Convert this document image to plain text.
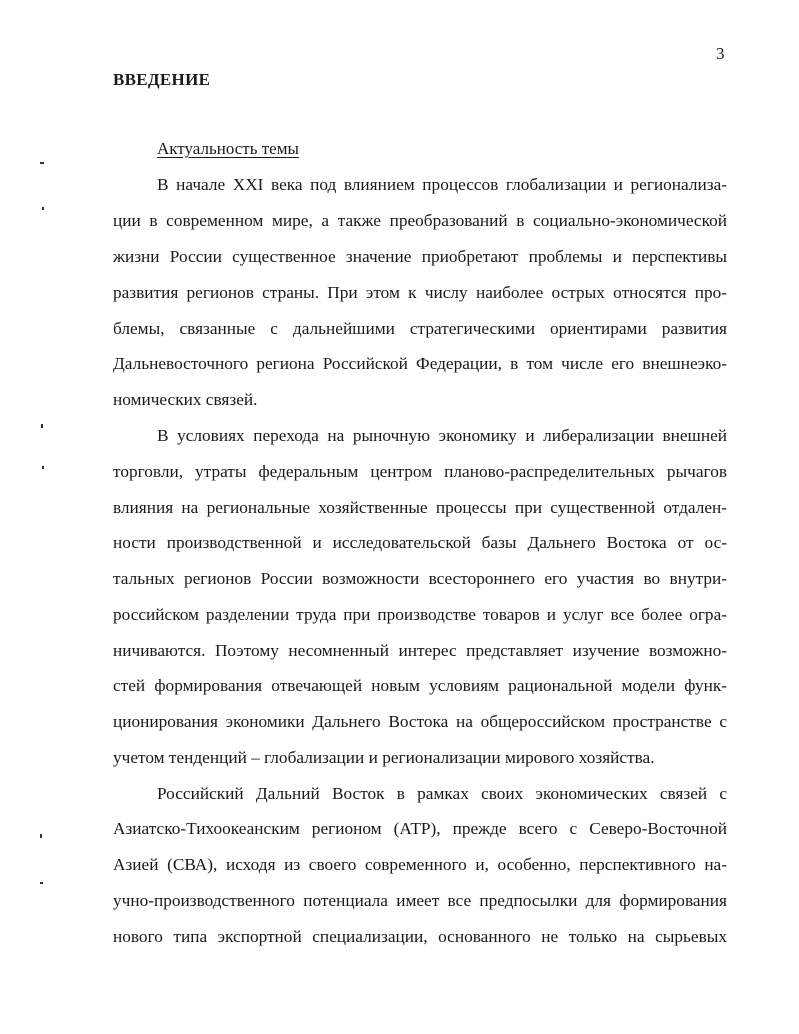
3
ВВЕДЕНИЕ
Актуальность темы
В начале XXI века под влиянием процессов глобализации и регионализа-
ции в современном мире, а также преобразований в социально-экономической
жизни России существенное значение приобретают проблемы и перспективы
развития регионов страны. При этом к числу наиболее острых относятся про-
блемы, связанные с дальнейшими стратегическими ориентирами развития
Дальневосточного региона Российской Федерации, в том числе его внешнеэко-
номических связей.
В условиях перехода на рыночную экономику и либерализации внешней
торговли, утраты федеральным центром планово-распределительных рычагов
влияния на региональные хозяйственные процессы при существенной отдален-
ности производственной и исследовательской базы Дальнего Востока от ос-
тальных регионов России возможности всестороннего его участия во внутри-
российском разделении труда при производстве товаров и услуг все более огра-
ничиваются. Поэтому несомненный интерес представляет изучение возможно-
стей формирования отвечающей новым условиям рациональной модели функ-
ционирования экономики Дальнего Востока на общероссийском пространстве с
учетом тенденций – глобализации и регионализации мирового хозяйства.
Российский Дальний Восток в рамках своих экономических связей с
Азиатско-Тихоокеанским регионом (АТР), прежде всего с Северо-Восточной
Азией (СВА), исходя из своего современного и, особенно, перспективного на-
учно-производственного потенциала имеет все предпосылки для формирования
нового типа экспортной специализации, основанного не только на сырьевых
